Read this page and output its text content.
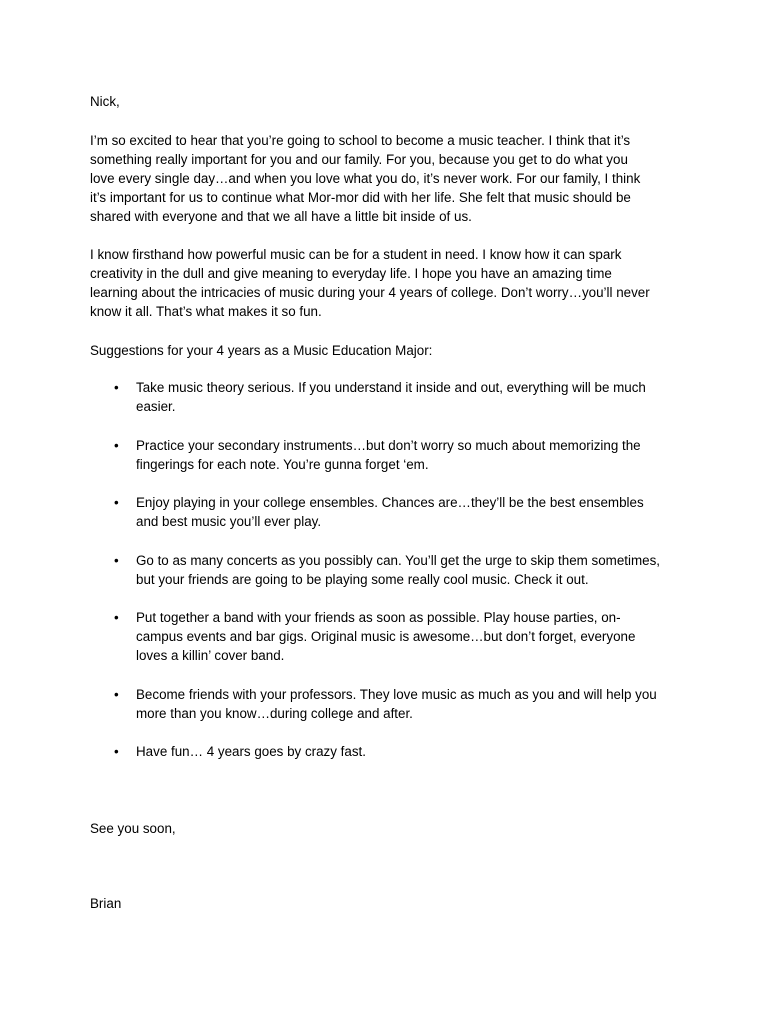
Nick,
I’m so excited to hear that you’re going to school to become a music teacher. I think that it’s
something really important for you and our family. For you, because you get to do what you
love every single day…and when you love what you do, it’s never work. For our family, I think
it’s important for us to continue what Mor-mor did with her life. She felt that music should be
shared with everyone and that we all have a little bit inside of us.
I know firsthand how powerful music can be for a student in need. I know how it can spark
creativity in the dull and give meaning to everyday life. I hope you have an amazing time
learning about the intricacies of music during your 4 years of college. Don’t worry…you’ll never
know it all. That’s what makes it so fun.
Suggestions for your 4 years as a Music Education Major:
• Take music theory serious. If you understand it inside and out, everything will be much
easier.
• Practice your secondary instruments…but don’t worry so much about memorizing the
fingerings for each note. You’re gunna forget ‘em.
• Enjoy playing in your college ensembles. Chances are…they’ll be the best ensembles
and best music you’ll ever play.
• Go to as many concerts as you possibly can. You’ll get the urge to skip them sometimes,
but your friends are going to be playing some really cool music. Check it out.
• Put together a band with your friends as soon as possible. Play house parties, on-
campus events and bar gigs. Original music is awesome…but don’t forget, everyone
loves a killin’ cover band.
• Become friends with your professors. They love music as much as you and will help you
more than you know…during college and after.
• Have fun… 4 years goes by crazy fast.
See you soon,
Brian
